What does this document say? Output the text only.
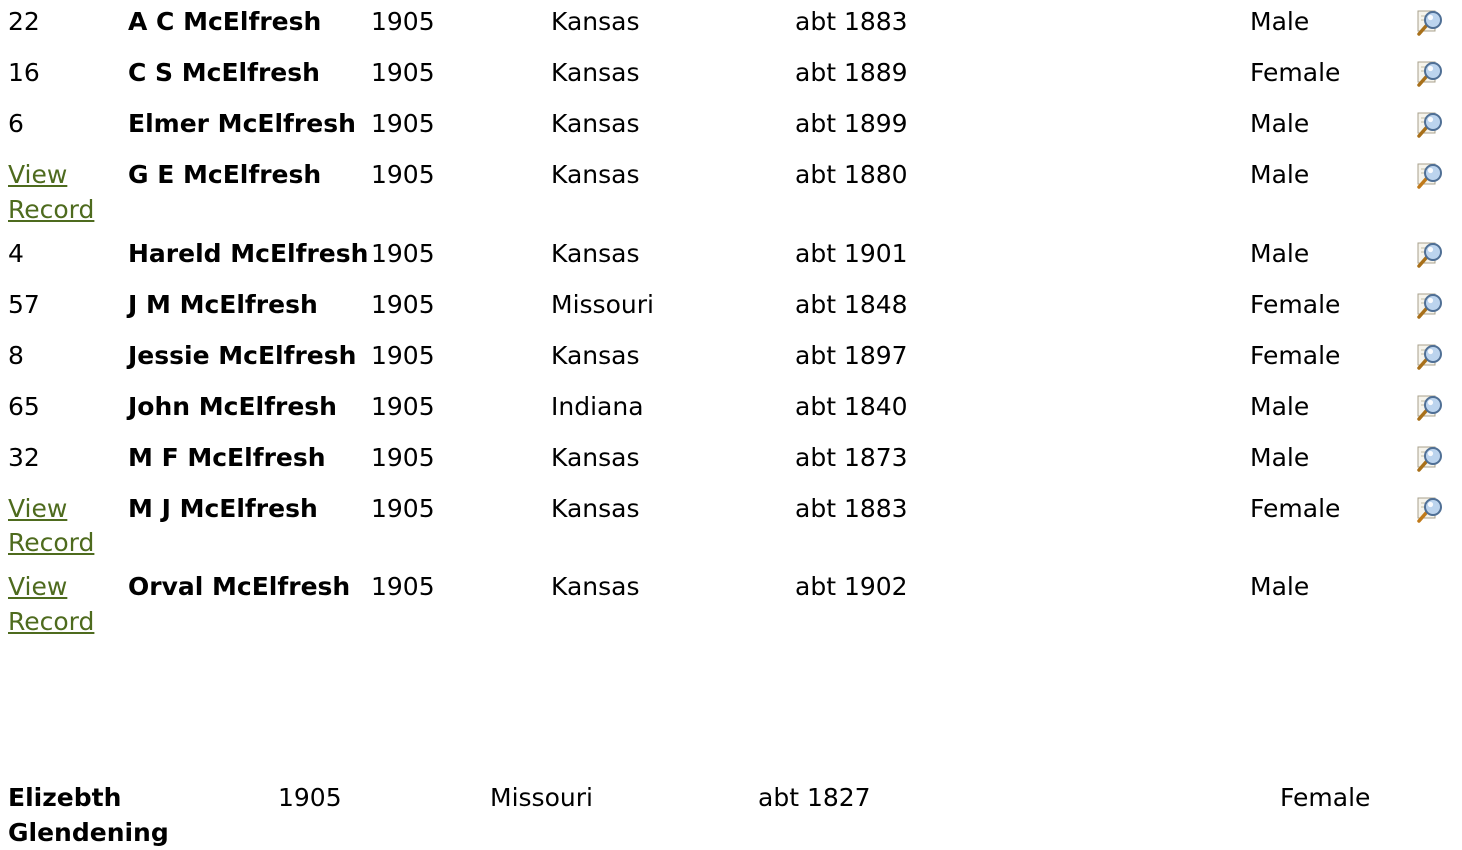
22	A C McElfresh	1905	Kansas	abt 1883	Male	
16	C S McElfresh	1905	Kansas	abt 1889	Female	
6	Elmer McElfresh	1905	Kansas	abt 1899	Male	
View Record	G E McElfresh	1905	Kansas	abt 1880	Male	
4	Hareld McElfresh	1905	Kansas	abt 1901	Male	
57	J M McElfresh	1905	Missouri	abt 1848	Female	
8	Jessie McElfresh	1905	Kansas	abt 1897	Female	
65	John McElfresh	1905	Indiana	abt 1840	Male	
32	M F McElfresh	1905	Kansas	abt 1873	Male	
View Record	M J McElfresh	1905	Kansas	abt 1883	Female	
View Record	Orval McElfresh	1905	Kansas	abt 1902	Male	
Elizebth Glendening	1905	Missouri	abt 1827	Female
